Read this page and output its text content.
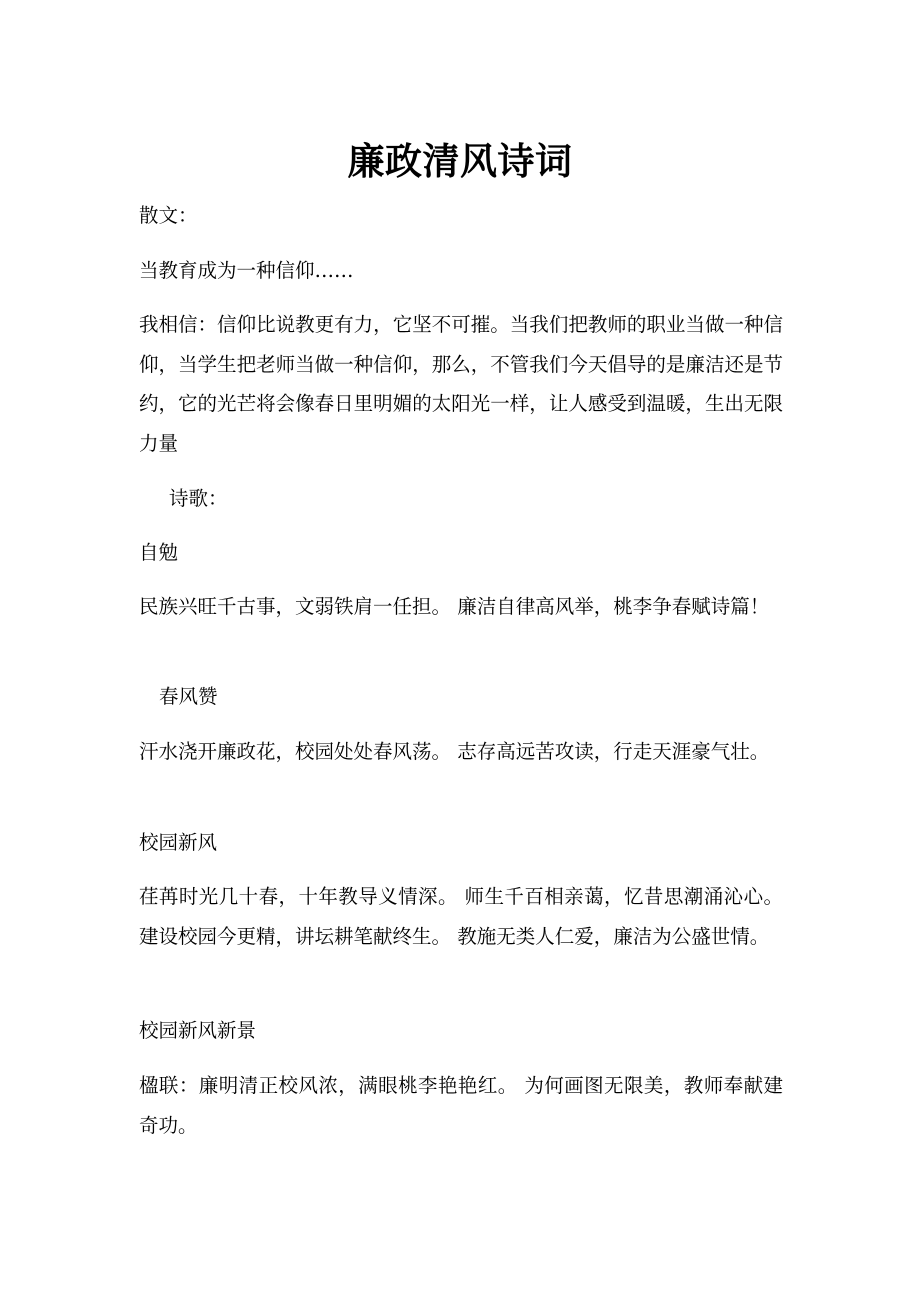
廉政清风诗词

散文：

当教育成为一种信仰……

我相信：信仰比说教更有力，它坚不可摧。当我们把教师的职业当做一种信仰，当学生把老师当做一种信仰，那么，不管我们今天倡导的是廉洁还是节约，它的光芒将会像春日里明媚的太阳光一样，让人感受到温暖，生出无限力量

诗歌：

自勉

民族兴旺千古事，文弱铁肩一任担。 廉洁自律高风举，桃李争春赋诗篇！

春风赞

汗水浇开廉政花，校园处处春风荡。 志存高远苦攻读，行走天涯豪气壮。

校园新风

荏苒时光几十春，十年教导义情深。 师生千百相亲蔼，忆昔思潮涌沁心。 建设校园今更精，讲坛耕笔献终生。 教施无类人仁爱，廉洁为公盛世情。

校园新风新景

楹联：廉明清正校风浓，满眼桃李艳艳红。 为何画图无限美，教师奉献建奇功。
